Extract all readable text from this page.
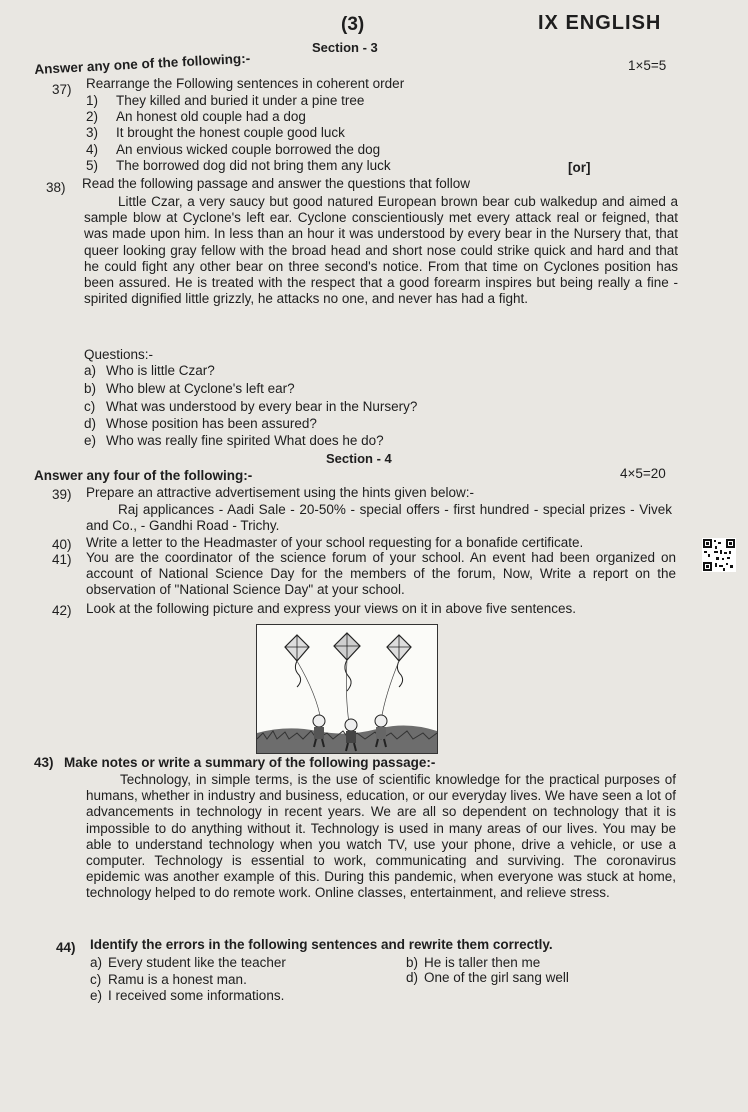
(3)
Section - 3
IX ENGLISH
Answer any one of the following:-	1×5=5
37) Rearrange the Following sentences in coherent order
1) They killed and buried it under a pine tree
2) An honest old couple had a dog
3) It brought the honest couple good luck
4) An envious wicked couple borrowed the dog
5) The borrowed dog did not bring them any luck	[or]
38) Read the following passage and answer the questions that follow

Little Czar, a very saucy but good natured European brown bear cub walkedup and aimed a sample blow at Cyclone's left ear. Cyclone conscientiously met every attack real or feigned, that was made upon him. In less than an hour it was understood by every bear in the Nursery that, that queer looking gray fellow with the broad head and short nose could strike quick and hard and that he could fight any other bear on three second's notice. From that time on Cyclones position has been assured. He is treated with the respect that a good forearm inspires but being really a fine - spirited dignified little grizzly, he attacks no one, and never has had a fight.

Questions:-
a) Who is little Czar?
b) Who blew at Cyclone's left ear?
c) What was understood by every bear in the Nursery?
d) Whose position has been assured?
e) Who was really fine spirited What does he do?
Section - 4
Answer any four of the following:-	4×5=20
39) Prepare an attractive advertisement using the hints given below:-

Raj applicances - Aadi Sale - 20-50% - special offers - first hundred - special prizes - Vivek and Co., - Gandhi Road - Trichy.

40) Write a letter to the Headmaster of your school requesting for a bonafide certificate.
41) You are the coordinator of the science forum of your school. An event had been organized on account of National Science Day for the members of the forum, Now, Write a report on the observation of "National Science Day" at your school.

42) Look at the following picture and express your views on it in above five sentences.
43) Make notes or write a summary of the following passage:-

Technology, in simple terms, is the use of scientific knowledge for the practical purposes of humans, whether in industry and business, education, or our everyday lives. We have seen a lot of advancements in technology in recent years. We are all so dependent on technology that it is impossible to do anything without it. Technology is used in many areas of our lives. You may be able to understand technology when you watch TV, use your phone, drive a vehicle, or use a computer. Technology is essential to work, communicating and surviving. The coronavirus epidemic was another example of this. During this pandemic, when everyone was stuck at home, technology helped to do remote work. Online classes, entertainment, and relieve stress.

44) Identify the errors in the following sentences and rewrite them correctly.
a) Every student like the teacher	b) He is taller then me
c) Ramu is a honest man.	d) One of the girl sang well
e) I received some informations.
